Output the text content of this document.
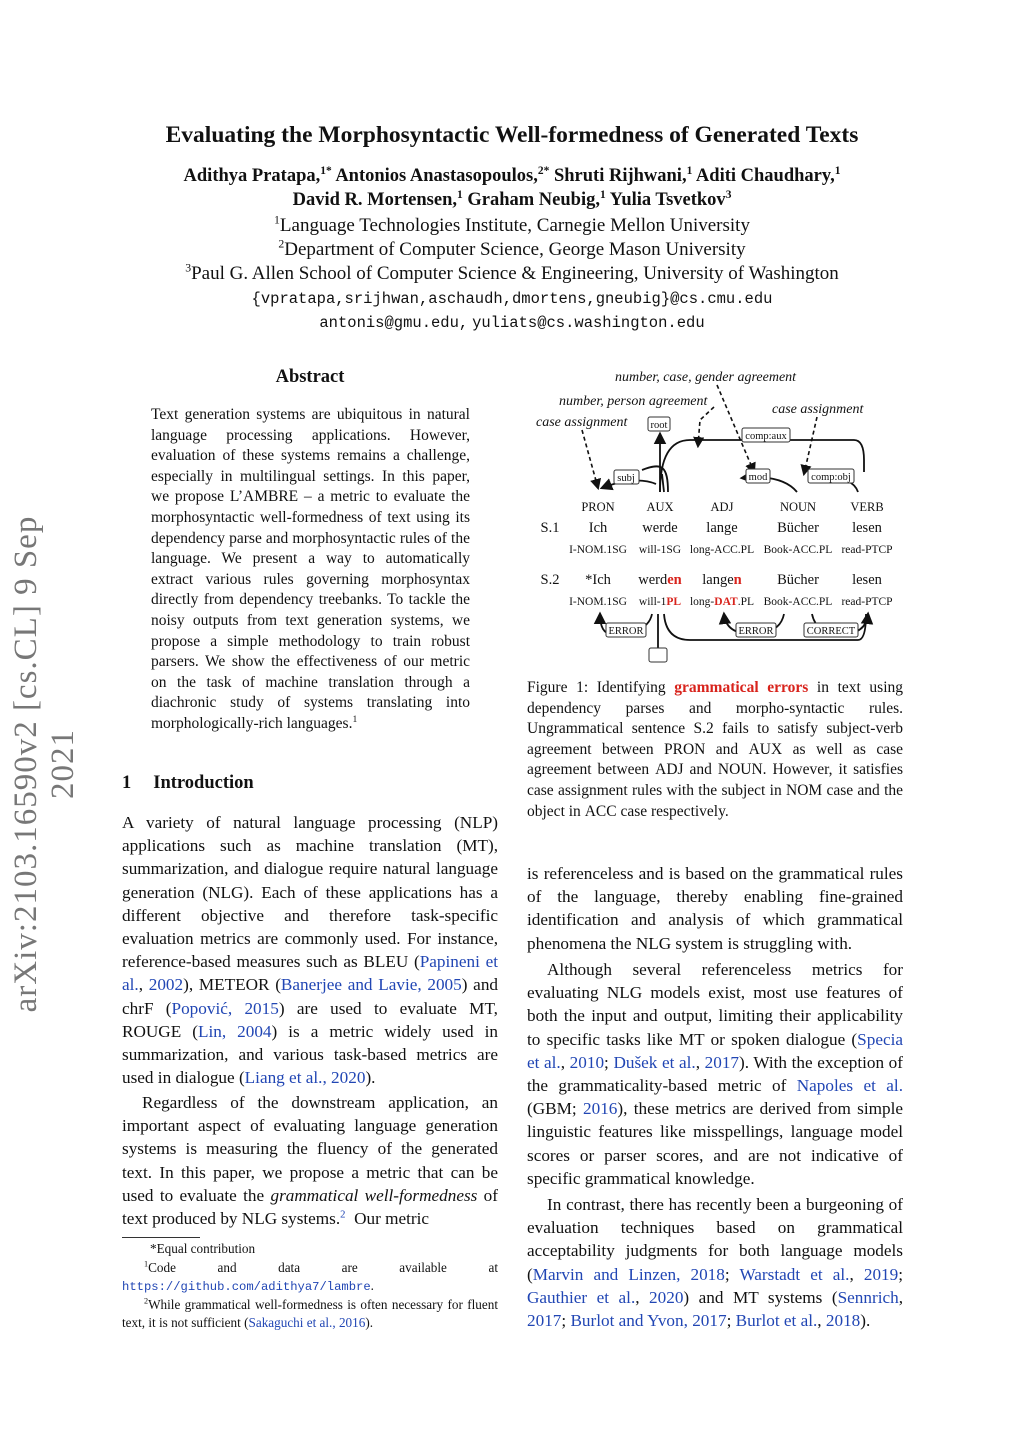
arXiv:2103.16590v2 [cs.CL] 9 Sep 2021
Evaluating the Morphosyntactic Well-formedness of Generated Texts
Adithya Pratapa,$^{1*}$ Antonios Anastasopoulos,$^{2*}$ Shruti Rijhwani,$^1$ Aditi Chaudhary,$^1$
David R. Mortensen,$^1$ Graham Neubig,$^1$ Yulia Tsvetkov$^3$
$^1$Language Technologies Institute, Carnegie Mellon University
$^2$Department of Computer Science, George Mason University
$^3$Paul G. Allen School of Computer Science & Engineering, University of Washington
{vpratapa,srijhwan,aschaudh,dmortens,gneubig}@cs.cmu.edu
antonis@gmu.edu, yuliats@cs.washington.edu
Abstract
Text generation systems are ubiquitous in natural language processing applications. However, evaluation of these systems remains a challenge, especially in multilingual settings. In this paper, we propose L’AMBRE – a metric to evaluate the morphosyntactic well-formedness of text using its dependency parse and morphosyntactic rules of the language. We present a way to automatically extract various rules governing morphosyntax directly from dependency treebanks. To tackle the noisy outputs from text generation systems, we propose a simple methodology to train robust parsers. We show the effectiveness of our metric on the task of machine translation through a diachronic study of systems translating into morphologically-rich languages.$^1$
1 Introduction
A variety of natural language processing (NLP) applications such as machine translation (MT), summarization, and dialogue require natural language generation (NLG). Each of these applications has a different objective and therefore task-specific evaluation metrics are commonly used. For instance, reference-based measures such as BLEU (Papineni et al., 2002), METEOR (Banerjee and Lavie, 2005) and chrF (Popović, 2015) are used to evaluate MT, ROUGE (Lin, 2004) is a metric widely used in summarization, and various task-based metrics are used in dialogue (Liang et al., 2020).
Regardless of the downstream application, an important aspect of evaluating language generation systems is measuring the fluency of the generated text. In this paper, we propose a metric that can be used to evaluate the grammatical well-formedness of text produced by NLG systems.$^2$ Our metric
*Equal contribution
$^1$Code and data are available at https://github.com/adithya7/lambre.
$^2$While grammatical well-formedness is often necessary for fluent text, it is not sufficient (Sakaguchi et al., 2016).
number, case, gender agreement
number, person agreement
case assignment
case assignment
root
comp:aux
subj	mod	comp:obj
PRON	AUX	ADJ	NOUN	VERB
S.1 Ich werde lange	Bücher lesen
I-NOM.1SG will-1SG long-ACC.PL Book-ACC.PL read-PTCP
S.2 *Ich werden langen Bücher lesen
I-NOM.1SG will-1PL long-DAT.PL Book-ACC.PL read-PTCP
ERROR	ERROR	CORRECT
Figure 1: Identifying grammatical errors in text using dependency parses and morpho-syntactic rules. Ungrammatical sentence S.2 fails to satisfy subject-verb agreement between PRON and AUX as well as case agreement between ADJ and NOUN. However, it satisfies case assignment rules with the subject in NOM case and the object in ACC case respectively.
is referenceless and is based on the grammatical rules of the language, thereby enabling fine-grained identification and analysis of which grammatical phenomena the NLG system is struggling with.
Although several referenceless metrics for evaluating NLG models exist, most use features of both the input and output, limiting their applicability to specific tasks like MT or spoken dialogue (Specia et al., 2010; Dušek et al., 2017). With the exception of the grammaticality-based metric of Napoles et al. (GBM; 2016), these metrics are derived from simple linguistic features like misspellings, language model scores or parser scores, and are not indicative of specific grammatical knowledge.
In contrast, there has recently been a burgeoning of evaluation techniques based on grammatical acceptability judgments for both language models (Marvin and Linzen, 2018; Warstadt et al., 2019; Gauthier et al., 2020) and MT systems (Sennrich, 2017; Burlot and Yvon, 2017; Burlot et al., 2018).
